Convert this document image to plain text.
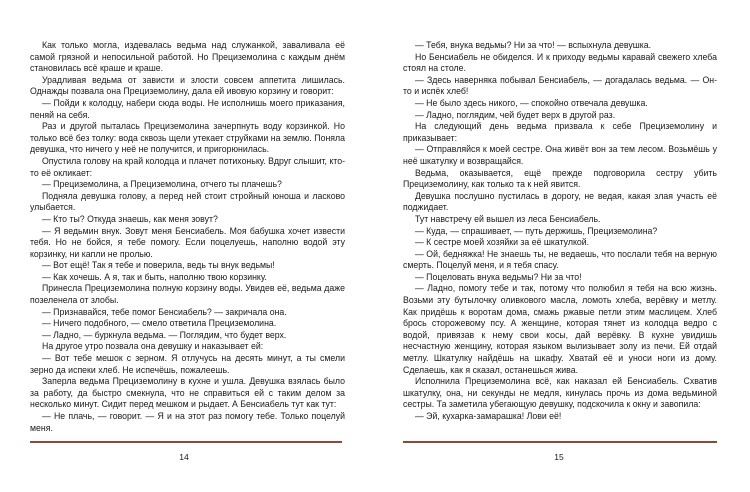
Как только могла, издевалась ведьма над служанкой, заваливала её самой грязной и непосильной работой. Но Прециземолина с каждым днём становилась всё краше и краше.

Урадливая ведьма от зависти и злости совсем аппетита лишилась. Однажды позвала она Прециземолину, дала ей ивовую корзину и говорит:

— Пойди к колодцу, набери сюда воды. Не исполнишь моего приказания, пеняй на себя.

Раз и другой пыталась Прециземолина зачерпнуть воду корзинкой. Но только всё без толку: вода сквозь щели утекает струйками на землю. Поняла девушка, что ничего у неё не получится, и пригорюнилась.

Опустила голову на край колодца и плачет потихоньку. Вдруг слышит, кто-то её окликает:

— Прециземолина, а Прециземолина, отчего ты плачешь?

Подняла девушка голову, а перед ней стоит стройный юноша и ласково улыбается.

— Кто ты? Откуда знаешь, как меня зовут?

— Я ведьмин внук. Зовут меня Бенсиабель. Моя бабушка хочет извести тебя. Но не бойся, я тебе помогу. Если поцелуешь, наполню водой эту корзинку, ни капли не пролью.

— Вот ещё! Так я тебе и поверила, ведь ты внук ведьмы!

— Как хочешь. А я, так и быть, наполню твою корзинку.

Принесла Прециземолина полную корзину воды. Увидев её, ведьма даже позеленела от злобы.

— Признавайся, тебе помог Бенсиабель? — закричала она.

— Ничего подобного, — смело ответила Прециземолина.

— Ладно, — буркнула ведьма. — Поглядим, что будет верх.

На другое утро позвала она девушку и наказывает ей:

— Вот тебе мешок с зерном. Я отлучусь на десять минут, а ты смели зерно да испеки хлеб. Не испечёшь, пожалеешь.

Заперла ведьма Прециземолину в кухне и ушла. Девушка взялась было за работу, да быстро смекнула, что не справиться ей с таким делом за несколько минут. Сидит перед мешком и рыдает. А Бенсиабель тут как тут:

— Не плачь, — говорит. — Я и на этот раз помогу тебе. Только поцелуй меня.

14

— Тебя, внука ведьмы? Ни за что! — вспыхнула девушка.

Но Бенсиабель не обиделся. И к приходу ведьмы каравай свежего хлеба стоял на столе.

— Здесь наверняка побывал Бенсиабель, — догадалась ведьма. — Он-то и испёк хлеб!

— Не было здесь никого, — спокойно отвечала девушка.

— Ладно, поглядим, чей будет верх в другой раз.

На следующий день ведьма призвала к себе Прециземолину и приказывает:

— Отправляйся к моей сестре. Она живёт вон за тем лесом. Возьмёшь у неё шкатулку и возвращайся.

Ведьма, оказывается, ещё прежде подговорила сестру убить Прециземолину, как только та к ней явится.

Девушка послушно пустилась в дорогу, не ведая, какая злая участь её поджидает.

Тут навстречу ей вышел из леса Бенсиабель.

— Куда, — спрашивает, — путь держишь, Прециземолина?

— К сестре моей хозяйки за её шкатулкой.

— Ой, бедняжка! Не знаешь ты, не ведаешь, что послали тебя на верную смерть. Поцелуй меня, и я тебя спасу.

— Поцеловать внука ведьмы? Ни за что!

— Ладно, помогу тебе и так, потому что полюбил я тебя на всю жизнь. Возьми эту бутылочку оливкового масла, ломоть хлеба, верёвку и метлу. Как придёшь к воротам дома, смажь ржавые петли этим маслицем. Хлеб брось сторожевому псу. А женщине, которая тянет из колодца ведро с водой, привязав к нему свои косы, дай верёвку. В кухне увидишь несчастную женщину, которая языком вылизывает золу из печи. Ей отдай метлу. Шкатулку найдёшь на шкафу. Хватай её и уноси ноги из дому. Сделаешь, как я сказал, останешься жива.

Исполнила Прециземолина всё, как наказал ей Бенсиабель. Схватив шкатулку, она, ни секунды не медля, кинулась прочь из дома ведьминой сестры. Та заметила убегающую девушку, подскочила к окну и завопила:

— Эй, кухарка-замарашка! Лови её!

15
